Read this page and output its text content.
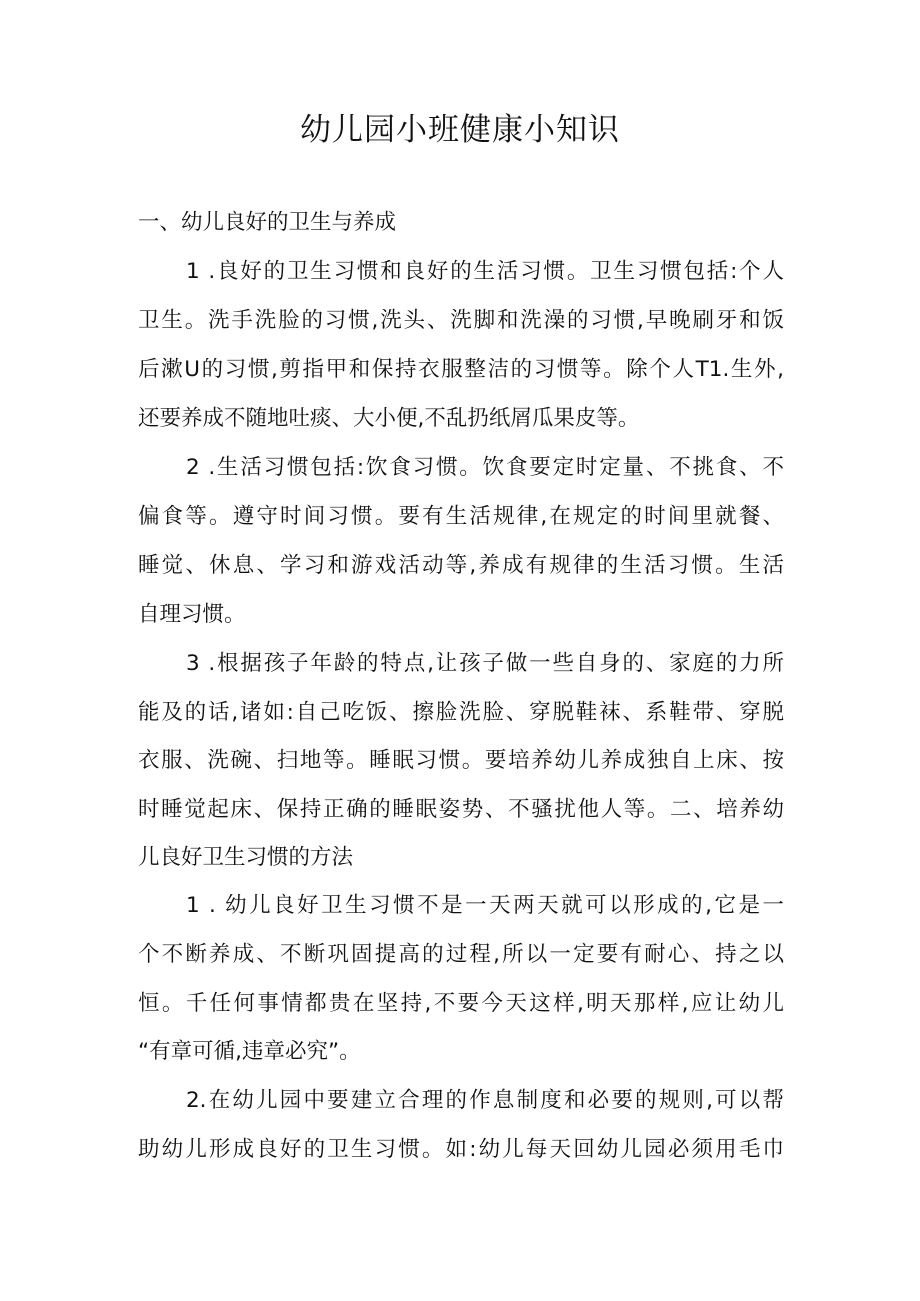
幼儿园小班健康小知识

一、幼儿良好的卫生与养成

1 .良好的卫生习惯和良好的生活习惯。卫生习惯包括:个人

卫生。洗手洗脸的习惯,洗头、洗脚和洗澡的习惯,早晚刷牙和饭

后漱U的习惯,剪指甲和保持衣服整洁的习惯等。除个人T1.生外,

还要养成不随地吐痰、大小便,不乱扔纸屑瓜果皮等。

2 .生活习惯包括:饮食习惯。饮食要定时定量、不挑食、不

偏食等。遵守时间习惯。要有生活规律,在规定的时间里就餐、

睡觉、休息、学习和游戏活动等,养成有规律的生活习惯。生活

自理习惯。

3 .根据孩子年龄的特点,让孩子做一些自身的、家庭的力所

能及的话,诸如:自己吃饭、擦脸洗脸、穿脱鞋袜、系鞋带、穿脱

衣服、洗碗、扫地等。睡眠习惯。要培养幼儿养成独自上床、按

时睡觉起床、保持正确的睡眠姿势、不骚扰他人等。二、培养幼

儿良好卫生习惯的方法

1 . 幼儿良好卫生习惯不是一天两天就可以形成的,它是一

个不断养成、不断巩固提高的过程,所以一定要有耐心、持之以

恒。千任何事情都贵在坚持,不要今天这样,明天那样,应让幼儿

“有章可循,违章必究”。

2.在幼儿园中要建立合理的作息制度和必要的规则,可以帮

助幼儿形成良好的卫生习惯。如:幼儿每天回幼儿园必须用毛巾
